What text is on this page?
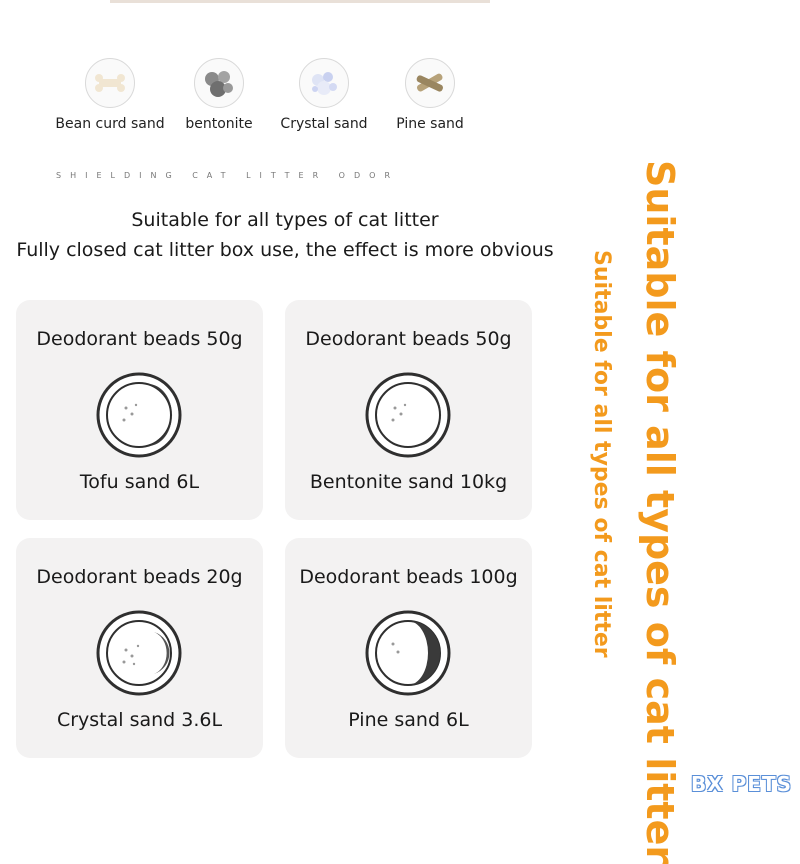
Bean curd sand	bentonite	Crystal sand	Pine sand
SHIELDING CAT LITTER ODOR
Suitable for all types of cat litter
Fully closed cat litter box use, the effect is more obvious
Deodorant beads 50g
Tofu sand 6L
Deodorant beads 50g
Bentonite sand 10kg
Deodorant beads 20g
Crystal sand 3.6L
Deodorant beads 100g
Pine sand 6L	Suitable for all types of cat litter
Suitable for all types of cat litter
BX PETS
